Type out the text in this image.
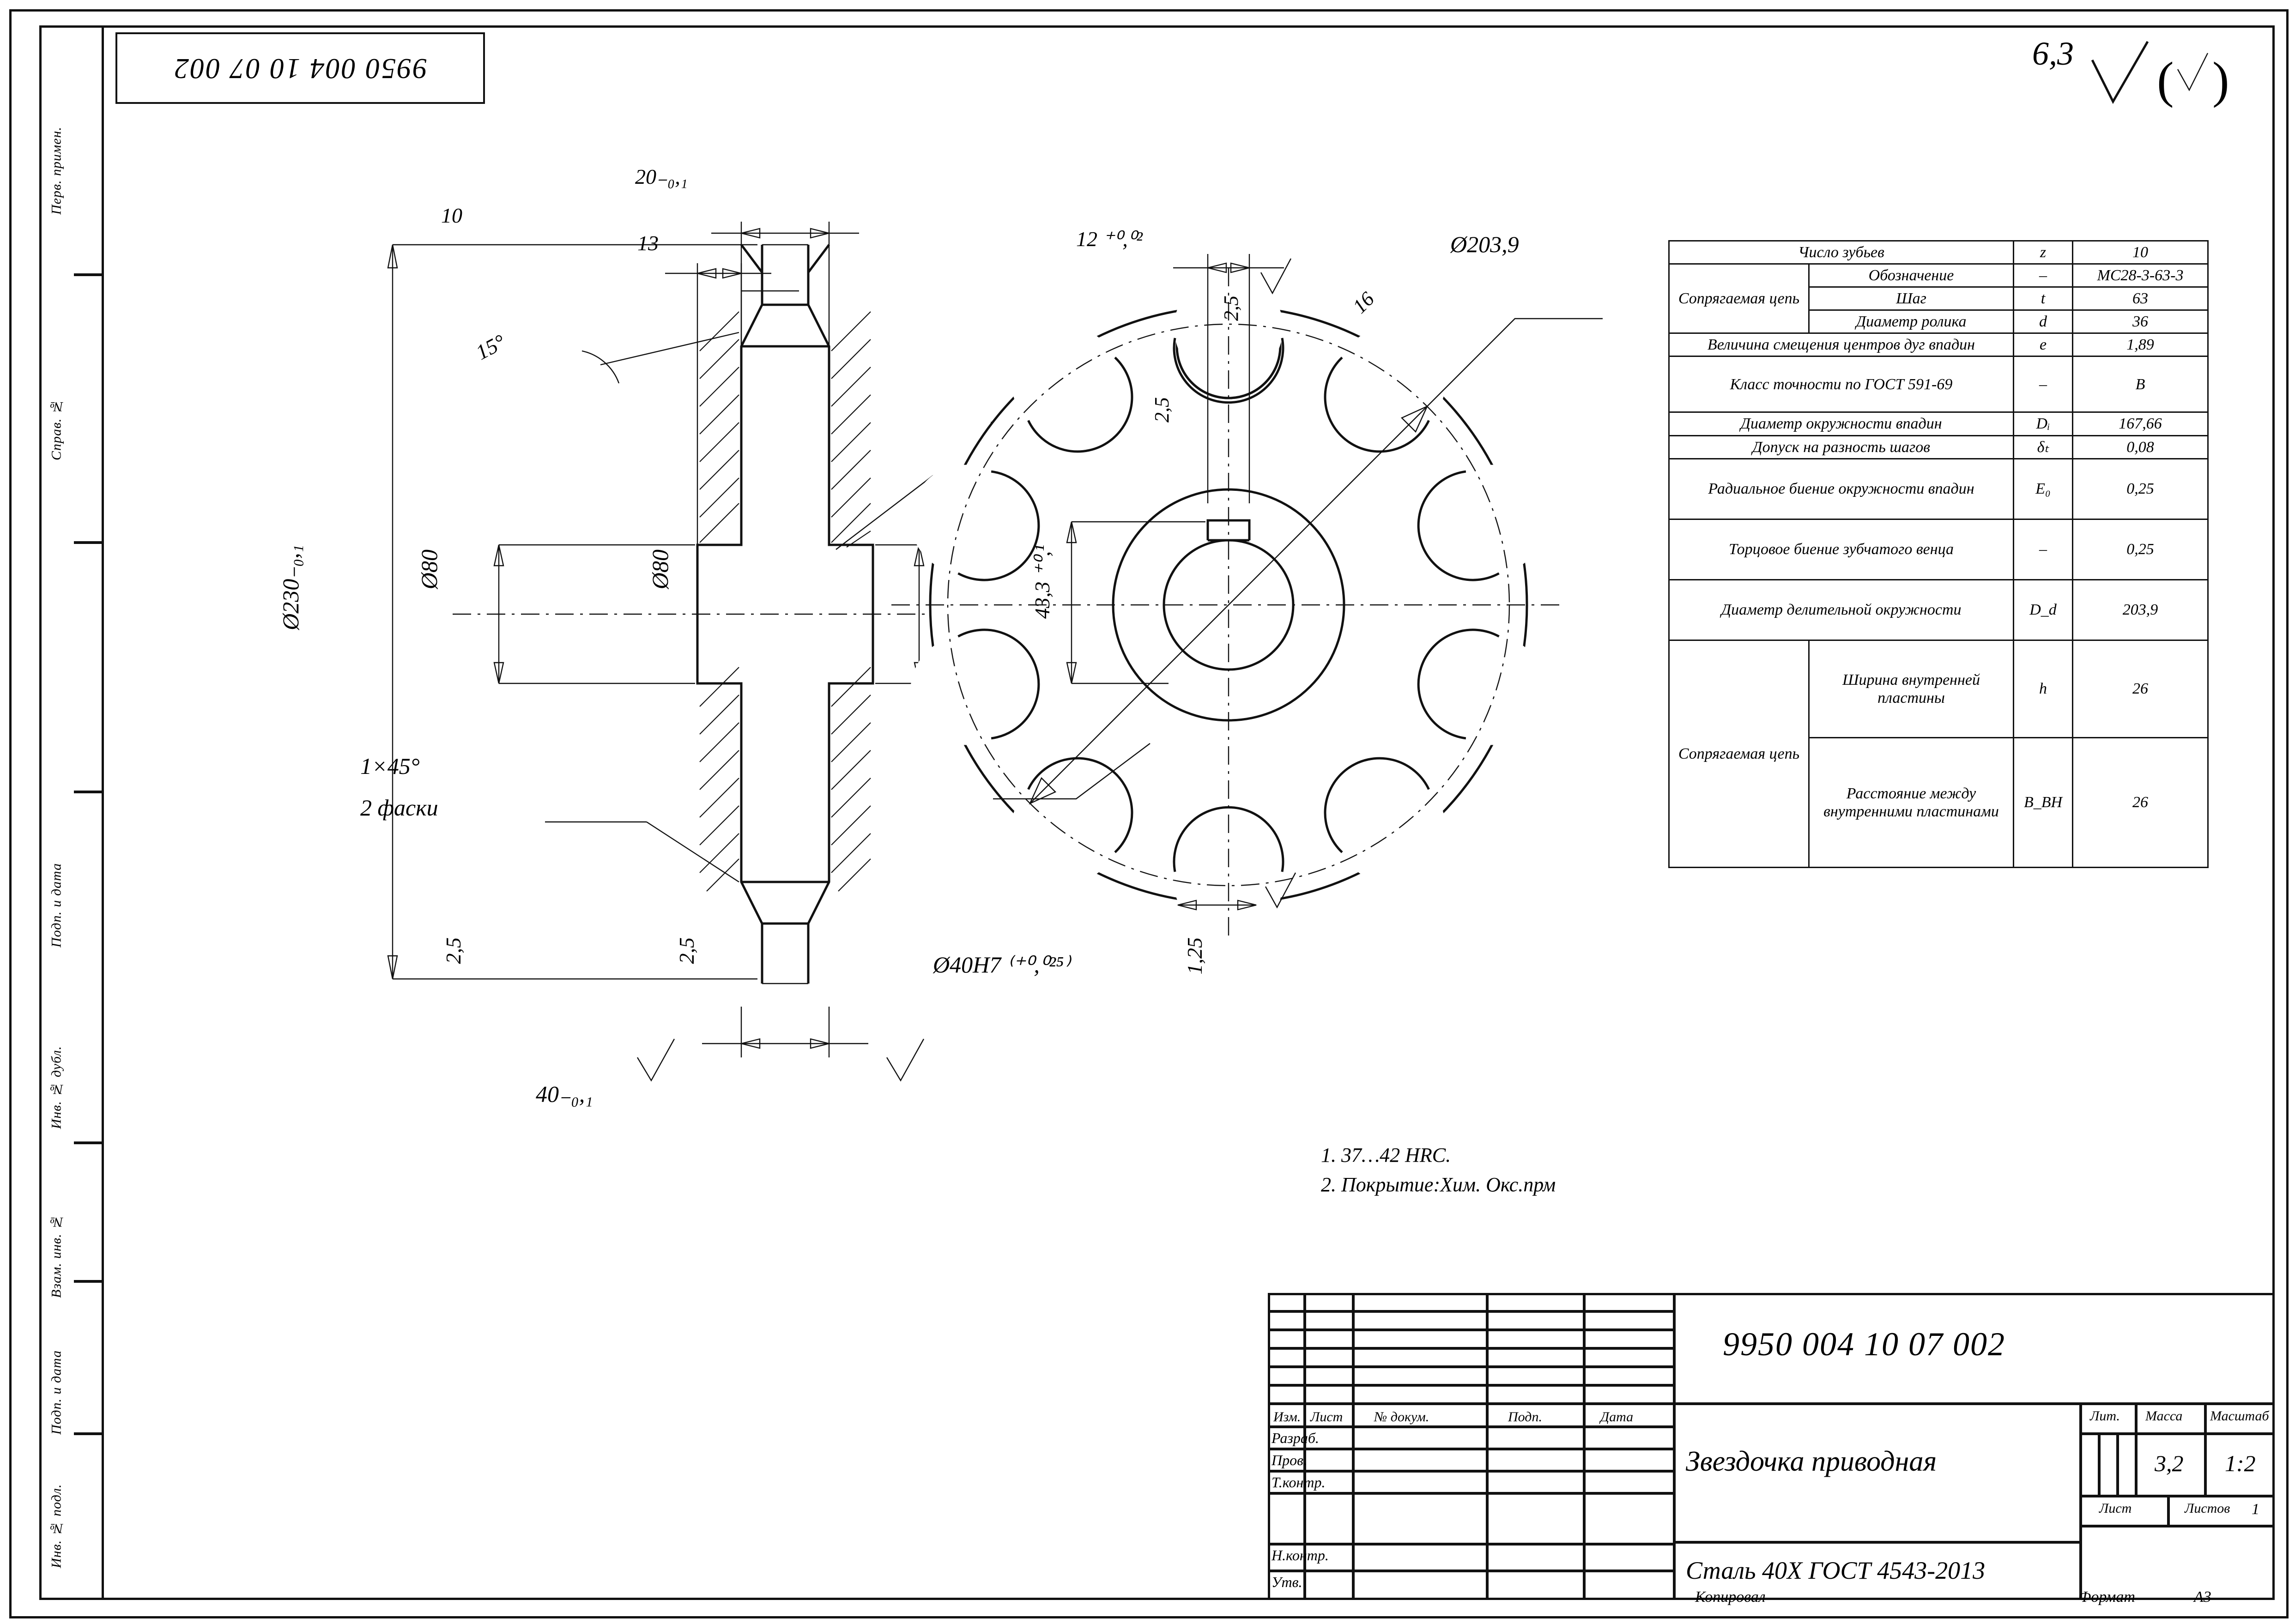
Перв. примен.
Справ. №
Подп. и дата
Инв. № дубл.
Взам. инв. №
Подп. и дата
Инв. № подл.
9950 004 10 07 002	6,3 ( )
20₋₀,₁
10
13
15°
Ø230₋₀,₁	Ø80	Ø80
1×45°
2 фаски
2,5	2,5
40₋₀,₁
12 ⁺⁰,⁰²
2,5
2,5
16
Ø203,9
43,3 ⁺⁰,¹
Ø40H7 ⁽⁺⁰,⁰²⁵⁾	1,25
Число зубьев		z	10
Сопрягаемая цепь	Обозначение	–	MC28-3-63-3
	Шаг	t	63
	Диаметр ролика	d	36
Величина смещения центров дуг впадин		e	1,89
Класс точности по ГОСТ 591-69		–	В
Диаметр окружности впадин		Dᵢ	167,66
Допуск на разность шагов		δₜ	0,08
Радиальное биение окружности впадин		E₀	0,25
Торцовое биение зубчатого венца		–	0,25
Диаметр делительной окружности		D_d	203,9
Сопрягаемая цепь	Ширина внутренней пластины	h	26
	Расстояние между внутренними пластинами	B_BH	26
1. 37…42 HRC.
2. Покрытие:Хим. Окс.прм
Изм. Лист № докум.	Подп.	Дата
Разраб.
Пров.
Т.контр.
Н.контр.
Утв.
9950 004 10 07 002
Звездочка приводная
Сталь 40Х ГОСТ 4543-2013
Лит. Масса Масштаб
3,2 1:2
Лист	Листов 1
Копировал	Формат	А3
